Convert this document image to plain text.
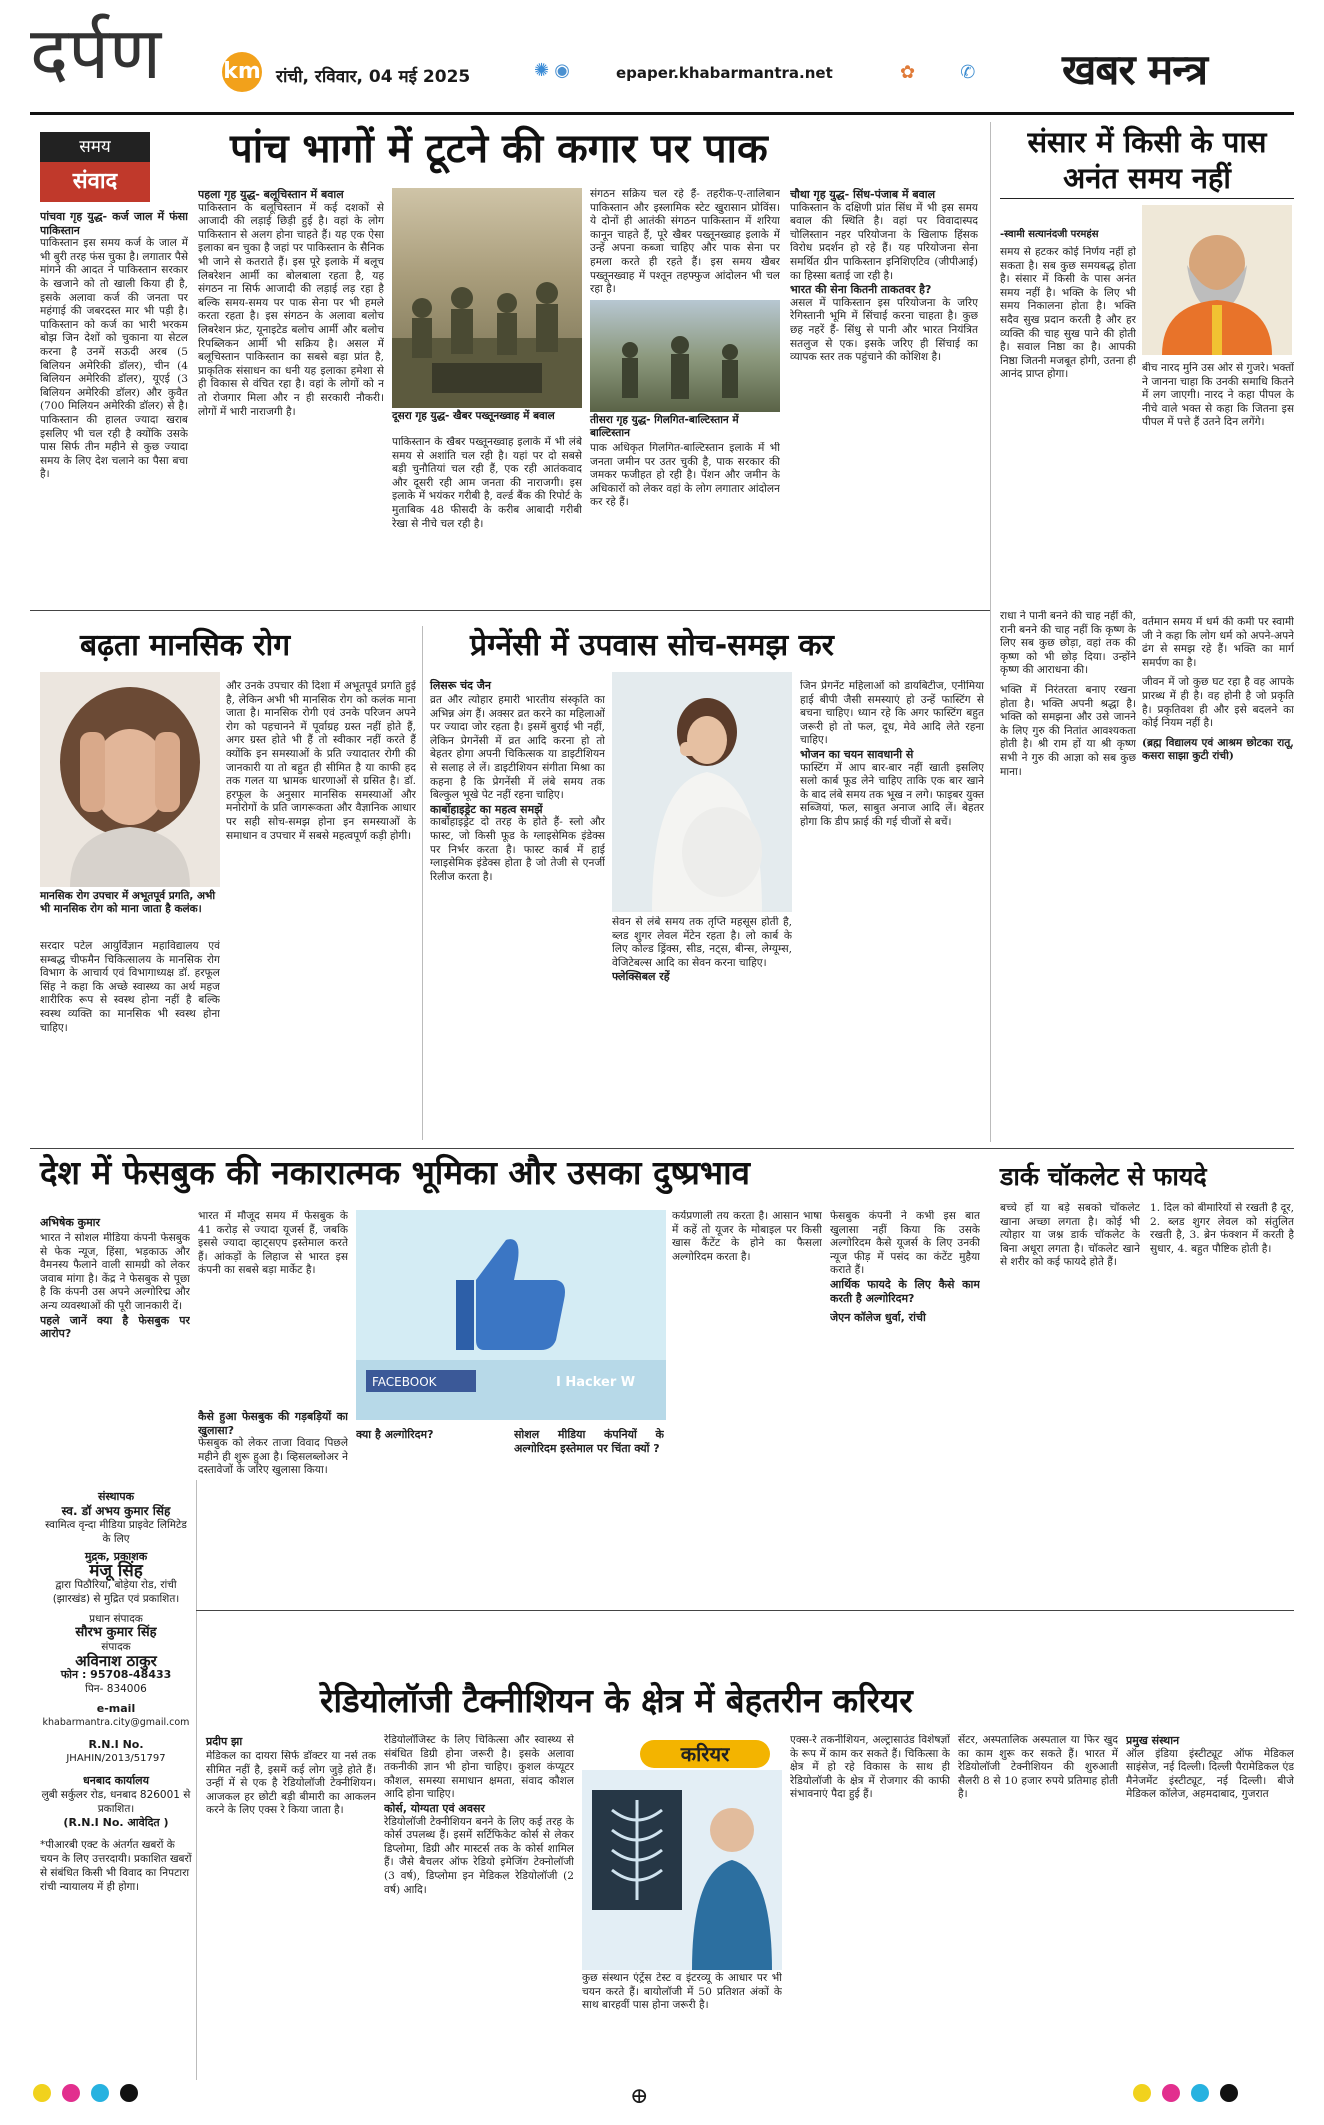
दर्पण	km रांची, रविवार, 04 मई 2025	✺ ◉	epaper.khabarmantra.net	✿	✆ खबर मन्त्र
समय
संवाद
पांच भागों में टूटने की कगार पर पाक
पांचवा गृह युद्ध- कर्ज जाल में फंसा पाकिस्तान
पाकिस्तान इस समय कर्ज के जाल में भी बुरी तरह फंस चुका है। लगातार पैसे मांगने की आदत ने पाकिस्तान सरकार के खजाने को तो खाली किया ही है, इसके अलावा कर्ज की जनता पर महंगाई की जबरदस्त मार भी पड़ी है। पाकिस्तान को कर्ज का भारी भरकम बोझ जिन देशों को चुकाना या सेटल करना है उनमें सऊदी अरब (5 बिलियन अमेरिकी डॉलर), चीन (4 बिलियन अमेरिकी डॉलर), यूएई (3 बिलियन अमेरिकी डॉलर) और कुवैत (700 मिलियन अमेरिकी डॉलर) से है। पाकिस्तान की हालत ज्यादा खराब इसलिए भी चल रही है क्योंकि उसके पास सिर्फ तीन महीने से कुछ ज्यादा समय के लिए देश चलाने का पैसा बचा है।
पहला गृह युद्ध- बलूचिस्तान में बवाल
पाकिस्तान के बलूचिस्तान में कई दशकों से आजादी की लड़ाई छिड़ी हुई है। वहां के लोग पाकिस्तान से अलग होना चाहते हैं। यह एक ऐसा इलाका बन चुका है जहां पर पाकिस्तान के सैनिक भी जाने से कतराते हैं। इस पूरे इलाके में बलूच लिबरेशन आर्मी का बोलबाला रहता है, यह संगठन ना सिर्फ आजादी की लड़ाई लड़ रहा है बल्कि समय-समय पर पाक सेना पर भी हमले करता रहता है। इस संगठन के अलावा बलोच लिबरेशन फ्रंट, यूनाइटेड बलोच आर्मी और बलोच रिपब्लिकन आर्मी भी सक्रिय है। असल में बलूचिस्तान पाकिस्तान का सबसे बड़ा प्रांत है, प्राकृतिक संसाधन का धनी यह इलाका हमेशा से ही विकास से वंचित रहा है। वहां के लोगों को न तो रोजगार मिला और न ही सरकारी नौकरी। लोगों में भारी नाराजगी है।	दूसरा गृह युद्ध- खैबर पख्तूनख्वाह में बवाल
पाकिस्तान के खैबर पख्तूनख्वाह इलाके में भी लंबे समय से अशांति चल रही है। यहां पर दो सबसे बड़ी चुनौतियां चल रही हैं, एक रही आतंकवाद और दूसरी रही आम जनता की नाराजगी। इस इलाके में भयंकर गरीबी है, वर्ल्ड बैंक की रिपोर्ट के मुताबिक 48 फीसदी के करीब आबादी गरीबी रेखा से नीचे चल रही है।
संगठन सक्रिय चल रहे हैं- तहरीक-ए-तालिबान पाकिस्तान और इस्लामिक स्टेट खुरासान प्रोविंस। ये दोनों ही आतंकी संगठन पाकिस्तान में शरिया कानून चाहते हैं, पूरे खैबर पख्तूनख्वाह इलाके में उन्हें अपना कब्जा चाहिए और पाक सेना पर हमला करते ही रहते हैं। इस समय खैबर पख्तूनख्वाह में पश्तून तहफ्फुज आंदोलन भी चल रहा है।
तीसरा गृह युद्ध- गिलगित-बाल्टिस्तान में बाल्टिस्तान
पाक अधिकृत गिलगित-बाल्टिस्तान इलाके में भी जनता जमीन पर उतर चुकी है, पाक सरकार की जमकर फजीहत हो रही है। पेंशन और जमीन के अधिकारों को लेकर वहां के लोग लगातार आंदोलन कर रहे हैं।
चौथा गृह युद्ध- सिंध-पंजाब में बवाल
पाकिस्तान के दक्षिणी प्रांत सिंध में भी इस समय बवाल की स्थिति है। वहां पर विवादास्पद चोलिस्तान नहर परियोजना के खिलाफ हिंसक विरोध प्रदर्शन हो रहे हैं। यह परियोजना सेना समर्थित ग्रीन पाकिस्तान इनिशिएटिव (जीपीआई) का हिस्सा बताई जा रही है।
भारत की सेना कितनी ताकतवर है?
असल में पाकिस्तान इस परियोजना के जरिए रेगिस्तानी भूमि में सिंचाई करना चाहता है। कुछ छह नहरें हैं- सिंधु से पानी और भारत नियंत्रित सतलुज से एक। इसके जरिए ही सिंचाई का व्यापक स्तर तक पहुंचाने की कोशिश है।
संसार में किसी के पास अनंत समय नहीं
-स्वामी सत्यानंदजी परमहंस
समय से हटकर कोई निर्णय नहीं हो सकता है। सब कुछ समयबद्ध होता है। संसार में किसी के पास अनंत समय नहीं है। भक्ति के लिए भी समय निकालना होता है। भक्ति सदैव सुख प्रदान करती है और हर व्यक्ति की चाह सुख पाने की होती है। सवाल निष्ठा का है। आपकी निष्ठा जितनी मजबूत होगी, उतना ही आनंद प्राप्त होगा।
बीच नारद मुनि उस ओर से गुजरे। भक्तों ने जानना चाहा कि उनकी समाधि कितने में लग जाएगी। नारद ने कहा पीपल के नीचे वाले भक्त से कहा कि जितना इस पीपल में पत्ते हैं उतने दिन लगेंगे।
राधा ने पानी बनने की चाह नहीं की, रानी बनने की चाह नहीं कि कृष्ण के लिए सब कुछ छोड़ा, वहां तक की कृष्ण को भी छोड़ दिया। उन्होंने कृष्ण की आराधना की।
भक्ति में निरंतरता बनाए रखना होता है। भक्ति अपनी श्रद्धा है। भक्ति को समझना और उसे जानने के लिए गुरु की नितांत आवश्यकता होती है। श्री राम हों या श्री कृष्ण सभी ने गुरु की आज्ञा को सब कुछ माना।
वर्तमान समय में धर्म की कमी पर स्वामी जी ने कहा कि लोग धर्म को अपने-अपने ढंग से समझ रहे हैं। भक्ति का मार्ग समर्पण का है।
जीवन में जो कुछ घट रहा है वह आपके प्रारब्ध में ही है। वह होनी है जो प्रकृति है। प्रकृतिवश ही और इसे बदलने का कोई नियम नहीं है।
(ब्रह्म विद्यालय एवं आश्रम छोटका रातू, कसरा साझा कुटी रांची)
बढ़ता मानसिक रोग
मानसिक रोग उपचार में अभूतपूर्व प्रगति, अभी भी मानसिक रोग को माना जाता है कलंक।
सरदार पटेल आयुर्विज्ञान महाविद्यालय एवं सम्बद्ध चीफमैन चिकित्सालय के मानसिक रोग विभाग के आचार्य एवं विभागाध्यक्ष डॉ. हरफूल सिंह ने कहा कि अच्छे स्वास्थ्य का अर्थ महज शारीरिक रूप से स्वस्थ होना नहीं है बल्कि स्वस्थ व्यक्ति का मानसिक भी स्वस्थ होना चाहिए।
और उनके उपचार की दिशा में अभूतपूर्व प्रगति हुई है, लेकिन अभी भी मानसिक रोग को कलंक माना जाता है। मानसिक रोगी एवं उनके परिजन अपने रोग को पहचानने में पूर्वाग्रह ग्रस्त नहीं होते हैं, अगर ग्रस्त होते भी हैं तो स्वीकार नहीं करते हैं क्योंकि इन समस्याओं के प्रति ज्यादातर रोगी की जानकारी या तो बहुत ही सीमित है या काफी हद तक गलत या भ्रामक धारणाओं से ग्रसित है। डॉ. हरफूल के अनुसार मानसिक समस्याओं और मनोरोगों के प्रति जागरूकता और वैज्ञानिक आधार पर सही सोच-समझ होना इन समस्याओं के समाधान व उपचार में सबसे महत्वपूर्ण कड़ी होगी।
प्रेग्नेंसी में उपवास सोच-समझ कर
लिसरू चंद जैन
व्रत और त्योहार हमारी भारतीय संस्कृति का अभिन्न अंग हैं। अक्सर व्रत करने का महिलाओं पर ज्यादा जोर रहता है। इसमें बुराई भी नहीं, लेकिन प्रेगनेंसी में व्रत आदि करना हो तो बेहतर होगा अपनी चिकित्सक या डाइटीशियन से सलाह ले लें। डाइटीशियन संगीता मिश्रा का कहना है कि प्रेगनेंसी में लंबे समय तक बिल्कुल भूखे पेट नहीं रहना चाहिए।
कार्बोहाइड्रेट का महत्व समझें
कार्बोहाइड्रेट दो तरह के होते हैं- स्लो और फास्ट, जो किसी फूड के ग्लाइसेमिक इंडेक्स पर निर्भर करता है। फास्ट कार्ब में हाई ग्लाइसेमिक इंडेक्स होता है जो तेजी से एनर्जी रिलीज करता है।
सेवन से लंबे समय तक तृप्ति महसूस होती है, ब्लड शुगर लेवल मेंटेन रहता है। लो कार्ब के लिए कोल्ड ड्रिंक्स, सीड, नट्स, बीन्स, लेग्यूम्स, वेजिटेबल्स आदि का सेवन करना चाहिए।
फ्लेक्सिबल रहें
जिन प्रेगनेंट महिलाओं को डायबिटीज, एनीमिया हाई बीपी जैसी समस्याएं हो उन्हें फास्टिंग से बचना चाहिए। ध्यान रहे कि अगर फास्टिंग बहुत जरूरी हो तो फल, दूध, मेवे आदि लेते रहना चाहिए।
भोजन का चयन सावधानी से
फास्टिंग में आप बार-बार नहीं खाती इसलिए सलो कार्ब फूड लेने चाहिए ताकि एक बार खाने के बाद लंबे समय तक भूख न लगे। फाइबर युक्त सब्जियां, फल, साबुत अनाज आदि लें। बेहतर होगा कि डीप फ्राई की गई चीजों से बचें।
देश में फेसबुक की नकारात्मक भूमिका और उसका दुष्प्रभाव
अभिषेक कुमार
भारत ने सोशल मीडिया कंपनी फेसबुक से फेक न्यूज, हिंसा, भड़काऊ और वैमनस्य फैलाने वाली सामग्री को लेकर जवाब मांगा है। केंद्र ने फेसबुक से पूछा है कि कंपनी उस अपने अल्गोरिद्म और अन्य व्यवस्थाओं की पूरी जानकारी दें।
पहले जानें क्या है फेसबुक पर आरोप?
भारत में मौजूद समय में फेसबुक के 41 करोड़ से ज्यादा यूजर्स हैं, जबकि इससे ज्यादा व्हाट्सएप इस्तेमाल करते हैं। आंकड़ों के लिहाज से भारत इस कंपनी का सबसे बड़ा मार्केट है।
FACEBOOK	I Hacker W
कैसे हुआ फेसबुक की गड़बड़ियों का खुलासा?
फेसबुक को लेकर ताजा विवाद पिछले महीने ही शुरू हुआ है। व्हिसलब्लोअर ने दस्तावेजों के जरिए खुलासा किया।
क्या है अल्गोरिदम?	सोशल मीडिया कंपनियों के अल्गोरिदम इस्तेमाल पर चिंता क्यों ?
कर्यप्रणाली तय करता है। आसान भाषा में कहें तो यूजर के मोबाइल पर किसी खास कैंटेंट के होने का फैसला अल्गोरिदम करता है।
फेसबुक कंपनी ने कभी इस बात खुलासा नहीं किया कि उसके अल्गोरिदम कैसे यूजर्स के लिए उनकी न्यूज फीड़ में पसंद का कंटेंट मुहैया कराते हैं।
आर्थिक फायदे के लिए कैसे काम करती है अल्गोरिदम?
जेएन कॉलेज धुर्वा, रांची
डार्क चॉकलेट से फायदे
बच्चे हों या बड़े सबको चॉकलेट खाना अच्छा लगता है। कोई भी त्योहार या जश्न डार्क चॉकलेट के बिना अधूरा लगता है। चॉकलेट खाने से शरीर को कई फायदे होते हैं।
1. दिल को बीमारियों से रखती है दूर, 2. ब्लड शुगर लेवल को संतुलित रखती है, 3. ब्रेन फंक्शन में करती है सुधार, 4. बहुत पौष्टिक होती है।
संस्थापक
स्व. डॉ अभय कुमार सिंह
स्वामित्व वृन्दा मीडिया प्राइवेट लिमिटेड के लिए
मुद्रक, प्रकाशक
मंजू सिंह
द्वारा पिठौरिया, बोड़ेया रोड, रांची (झारखंड) से मुद्रित एवं प्रकाशित।
प्रधान संपादक
सौरभ कुमार सिंह
संपादक
अविनाश ठाकुर
फोन : 95708-48433
पिन- 834006
e-mail
khabarmantra.city@gmail.com
R.N.I No.
JHAHIN/2013/51797
धनबाद कार्यालय
लुबी सर्कुलर रोड, धनबाद 826001 से प्रकाशित।
(R.N.I No. आवेदित )
*पीआरबी एक्ट के अंतर्गत खबरों के चयन के लिए उत्तरदायी। प्रकाशित खबरों से संबंधित किसी भी विवाद का निपटारा रांची न्यायालय में ही होगा।
रेडियोलॉजी टैक्नीशियन के क्षेत्र में बेहतरीन करियर
प्रदीप झा
मेडिकल का दायरा सिर्फ डॉक्टर या नर्स तक सीमित नहीं है, इसमें कई लोग जुड़े होते हैं। उन्हीं में से एक है रेडियोलॉजी टेक्नीशियन। आजकल हर छोटी बड़ी बीमारी का आकलन करने के लिए एक्स रे किया जाता है।
रेडियोलॉजिस्ट के लिए चिकित्सा और स्वास्थ्य से संबंधित डिग्री होना जरूरी है। इसके अलावा तकनीकी ज्ञान भी होना चाहिए। कुशल कंप्यूटर कौशल, समस्या समाधान क्षमता, संवाद कौशल आदि होना चाहिए।
कोर्स, योग्यता एवं अवसर
रेडियोलॉजी टेक्नीशियन बनने के लिए कई तरह के कोर्स उपलब्ध हैं। इसमें सर्टिफिकेट कोर्स से लेकर डिप्लोमा, डिग्री और मास्टर्स तक के कोर्स शामिल हैं। जैसे बैचलर ऑफ रेडियो इमेजिंग टेक्नोलॉजी (3 वर्ष), डिप्लोमा इन मेडिकल रेडियोलॉजी (2 वर्ष) आदि।
करियर
कुछ संस्थान एंट्रेंस टेस्ट व इंटरव्यू के आधार पर भी चयन करते हैं। बायोलॉजी में 50 प्रतिशत अंकों के साथ बारहवीं पास होना जरूरी है।
एक्स-रे तकनीशियन, अल्ट्रासाउंड विशेषज्ञों के रूप में काम कर सकते हैं। चिकित्सा के क्षेत्र में हो रहे विकास के साथ ही रेडियोलॉजी के क्षेत्र में रोजगार की काफी संभावनाएं पैदा हुई हैं।
सेंटर, अस्पतालिक अस्पताल या फिर खुद का काम शुरू कर सकते हैं। भारत में रेडियोलॉजी टेक्नीशियन की शुरुआती सैलरी 8 से 10 हजार रुपये प्रतिमाह होती है।
प्रमुख संस्थान
ऑल इंडिया इंस्टीट्यूट ऑफ मेडिकल साइंसेज, नई दिल्ली। दिल्ली पैरामेडिकल एंड मैनेजमेंट इंस्टीट्यूट, नई दिल्ली। बीजे मेडिकल कॉलेज, अहमदाबाद, गुजरात

⊕
